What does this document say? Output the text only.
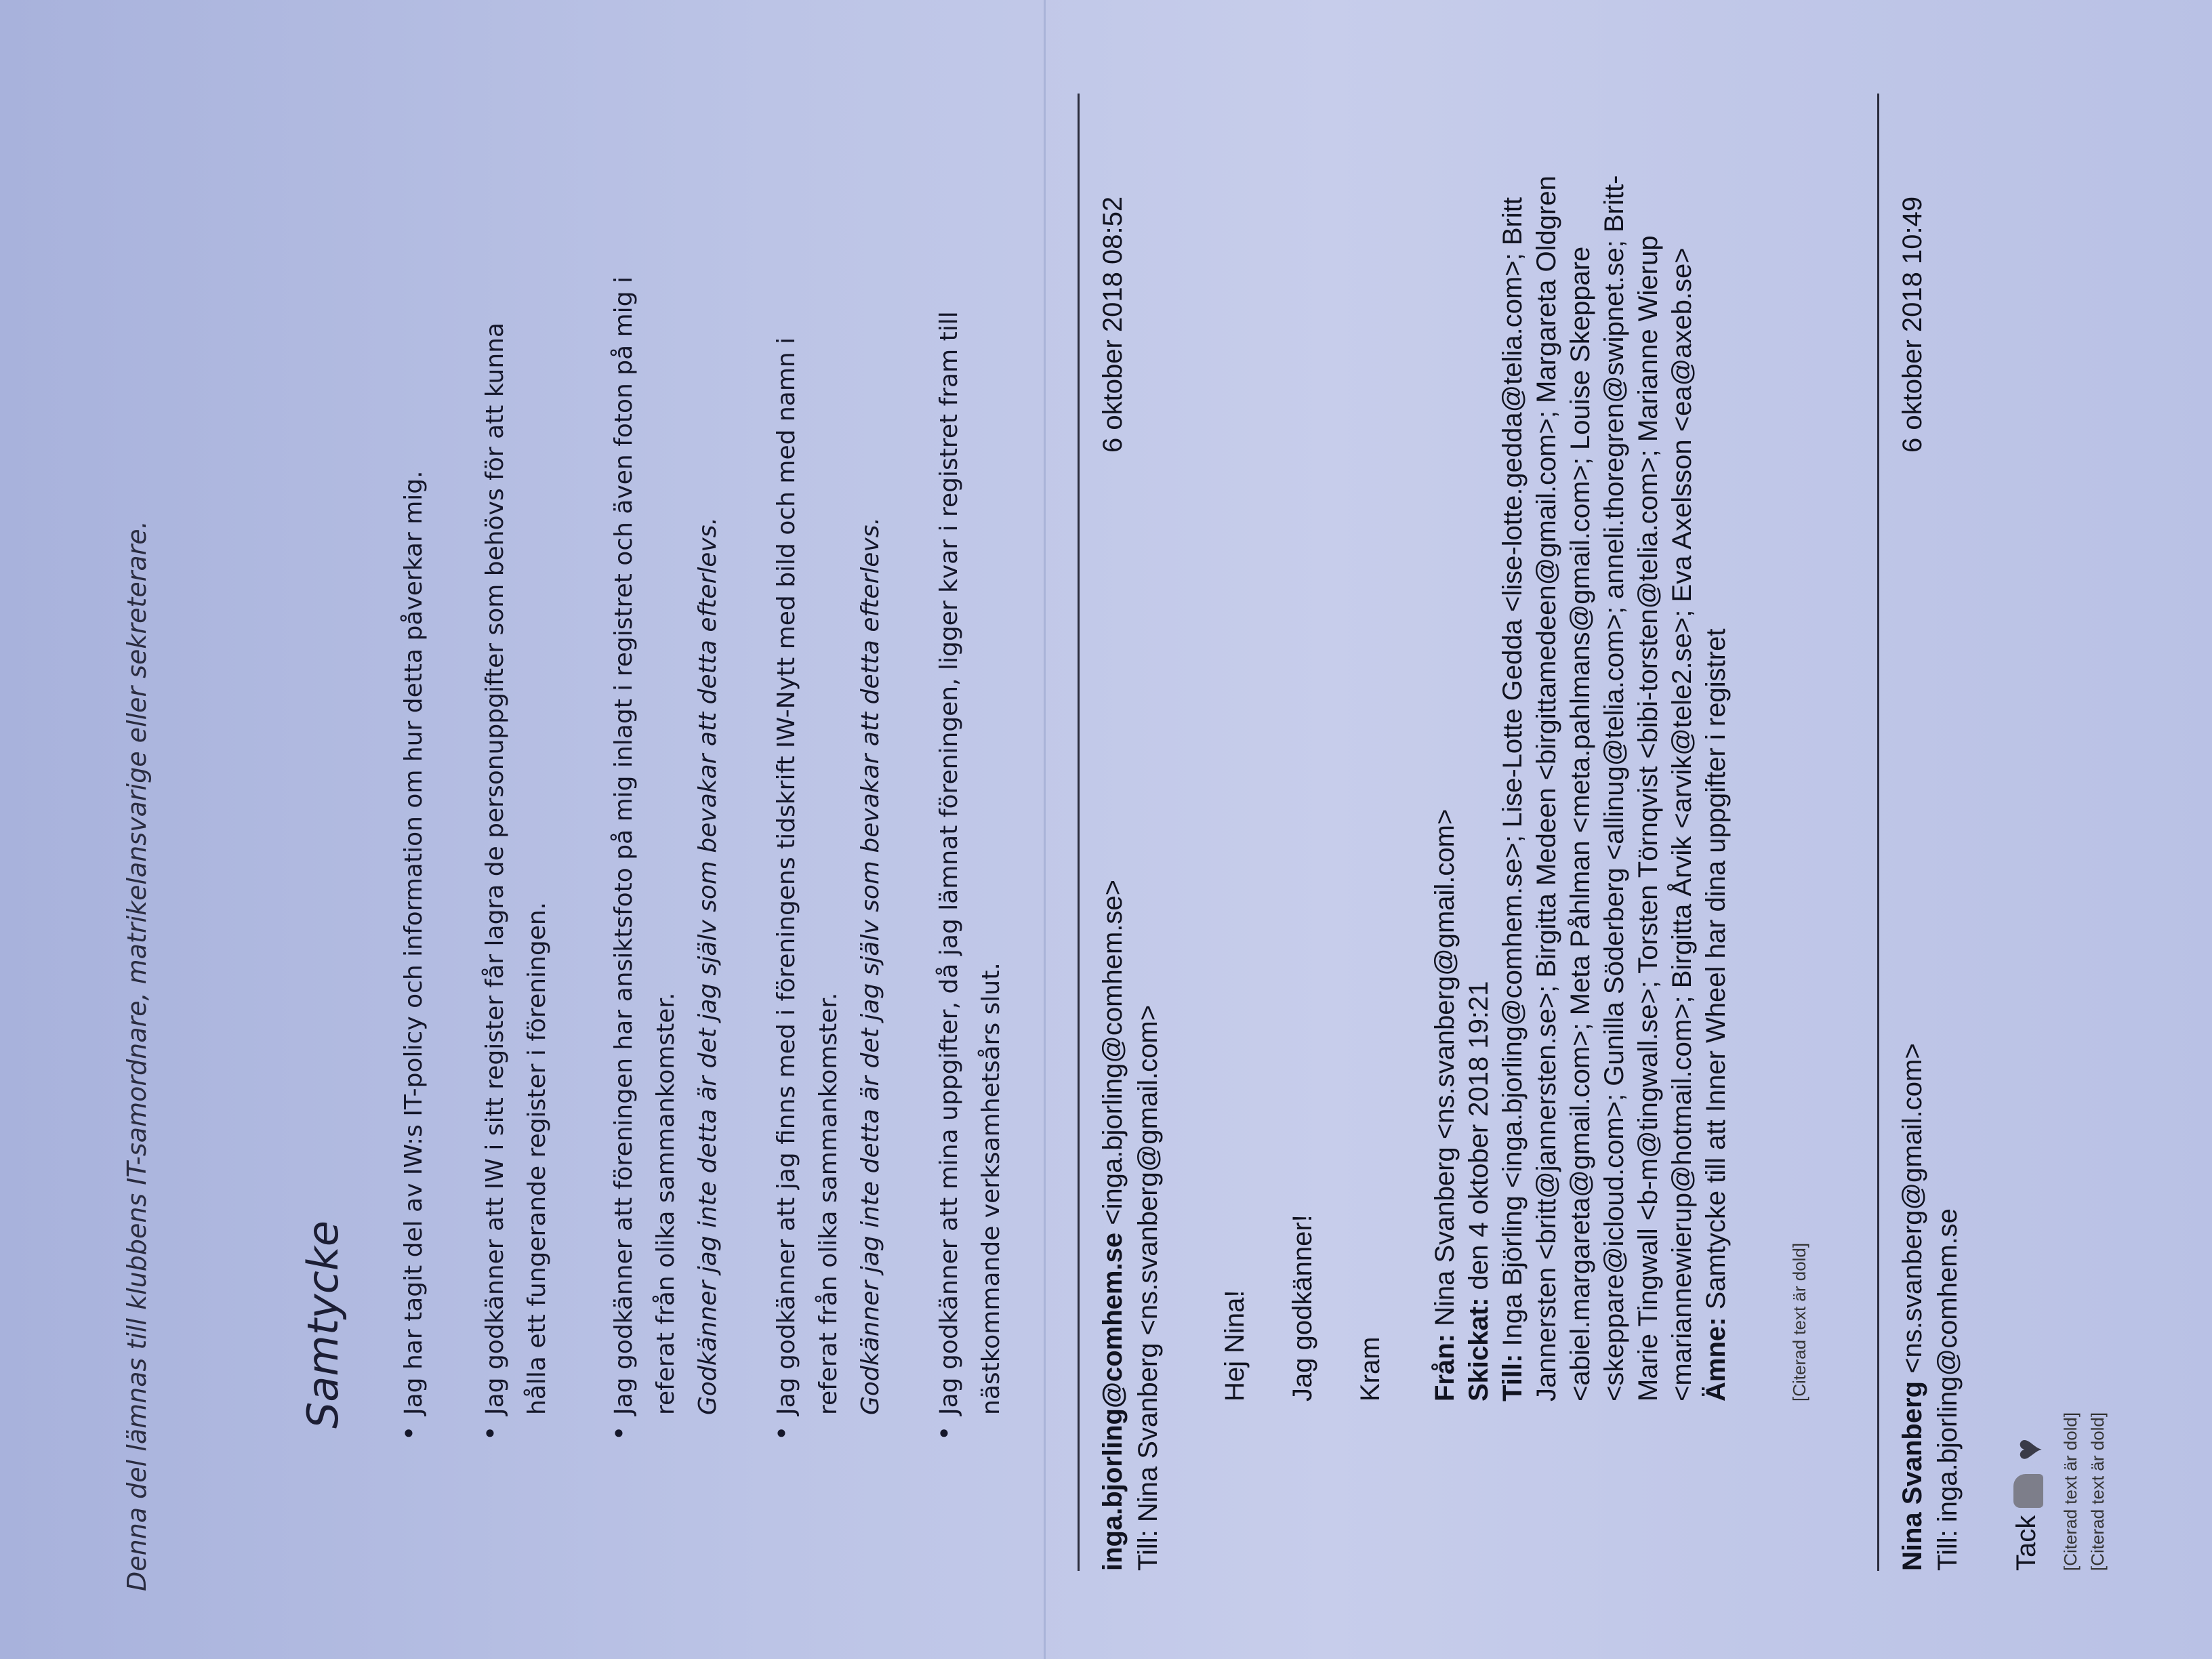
Denna del lämnas till klubbens IT-samordnare, matrikelansvarige eller sekreterare.	Samtycke
•
Jag har tagit del av IW:s IT-policy och information om hur detta påverkar mig.
•
Jag godkänner att IW i sitt register får lagra de personuppgifter som behövs för att kunna hålla ett fungerande register i föreningen.
•
Jag godkänner att föreningen har ansiktsfoto på mig inlagt i registret och även foton på mig i referat från olika sammankomster. Godkänner jag inte detta är det jag själv som bevakar att detta efterlevs.
•
Jag godkänner att jag finns med i föreningens tidskrift IW-Nytt med bild och med namn i referat från olika sammankomster. Godkänner jag inte detta är det jag själv som bevakar att detta efterlevs.
•
Jag godkänner att mina uppgifter, då jag lämnat föreningen, ligger kvar i registret fram till nästkommande verksamhetsårs slut.	inga.bjorling@comhem.se <inga.bjorling@comhem.se>
6 oktober 2018 08:52
Till: Nina Svanberg <ns.svanberg@gmail.com> Hej Nina! Jag godkänner! Kram Från: Nina Svanberg <ns.svanberg@gmail.com>
Skickat: den 4 oktober 2018 19:21
Till: Inga Björling <inga.bjorling@comhem.se>; Lise-Lotte Gedda <lise-lotte.gedda@telia.com>; Britt Jannersten <britt@jannersten.se>; Birgitta Medeen <birgittamedeen@gmail.com>; Margareta Oldgren <abiel.margareta@gmail.com>; Meta Påhlman <meta.pahlmans@gmail.com>; Louise Skeppare <skeppare@icloud.com>; Gunilla Söderberg <allinug@telia.com>; anneli.thoregren@swipnet.se; Britt- Marie Tingwall <b-m@tingwall.se>; Torsten Törnqvist <bibi-torsten@telia.com>; Marianne Wierup <mariannewierup@hotmail.com>; Birgitta Årvik <arvik@tele2.se>; Eva Axelsson <ea@axeb.se> Ämne: Samtycke till att Inner Wheel har dina uppgifter i registret
[Citerad text är dold]
Nina Svanberg <ns.svanberg@gmail.com>
6 oktober 2018 10:49
Till: inga.bjorling@comhem.se Tack  ♥ [Citerad text är dold] [Citerad text är dold]
